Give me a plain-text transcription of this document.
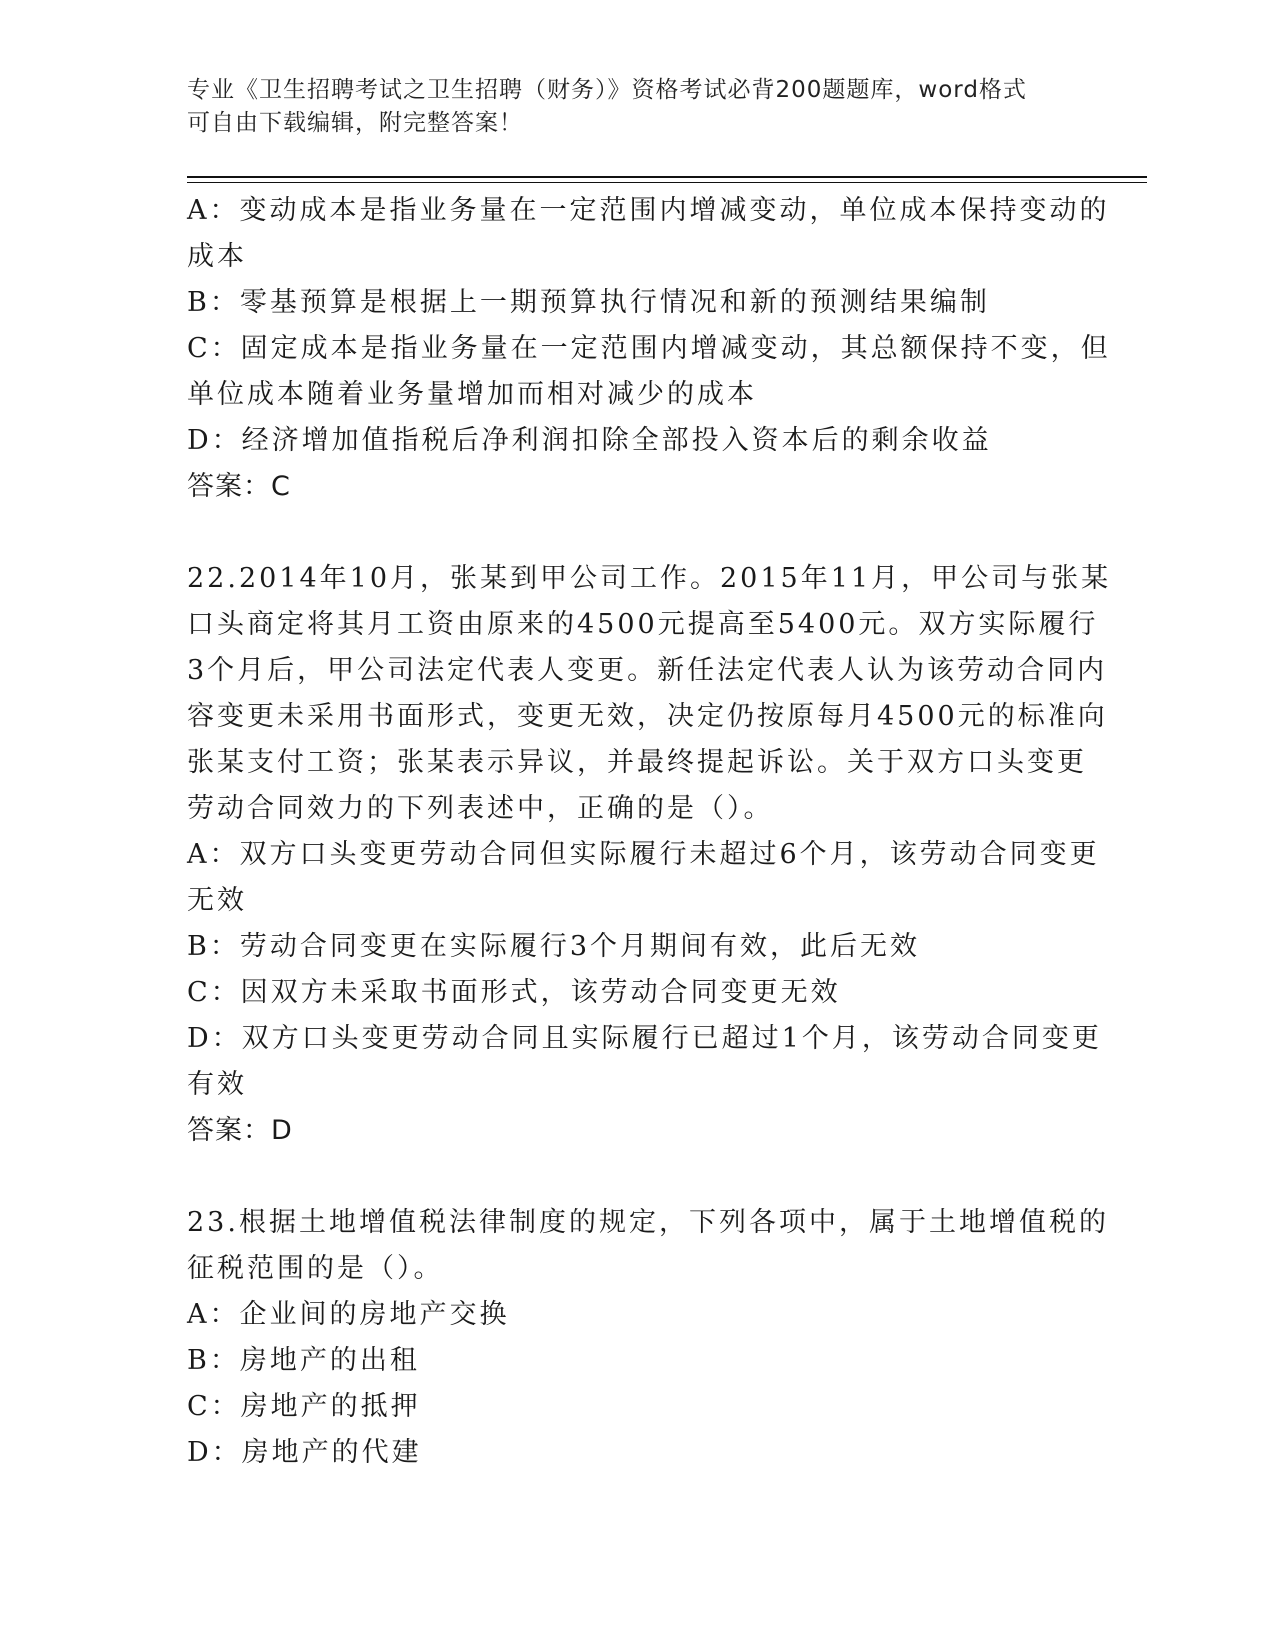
专业《卫生招聘考试之卫生招聘（财务）》资格考试必背200题题库，word格式
可自由下载编辑，附完整答案！
A：变动成本是指业务量在一定范围内增减变动，单位成本保持变动的
成本
B：零基预算是根据上一期预算执行情况和新的预测结果编制
C：固定成本是指业务量在一定范围内增减变动，其总额保持不变，但
单位成本随着业务量增加而相对减少的成本
D：经济增加值指税后净利润扣除全部投入资本后的剩余收益
答案：C
22.2014年10月，张某到甲公司工作。2015年11月，甲公司与张某
口头商定将其月工资由原来的4500元提高至5400元。双方实际履行
3个月后，甲公司法定代表人变更。新任法定代表人认为该劳动合同内
容变更未采用书面形式，变更无效，决定仍按原每月4500元的标准向
张某支付工资；张某表示异议，并最终提起诉讼。关于双方口头变更
劳动合同效力的下列表述中，正确的是（）。
A：双方口头变更劳动合同但实际履行未超过6个月，该劳动合同变更
无效
B：劳动合同变更在实际履行3个月期间有效，此后无效
C：因双方未采取书面形式，该劳动合同变更无效
D：双方口头变更劳动合同且实际履行已超过1个月，该劳动合同变更
有效
答案：D
23.根据土地增值税法律制度的规定，下列各项中，属于土地增值税的
征税范围的是（）。
A：企业间的房地产交换
B：房地产的出租
C：房地产的抵押
D：房地产的代建
